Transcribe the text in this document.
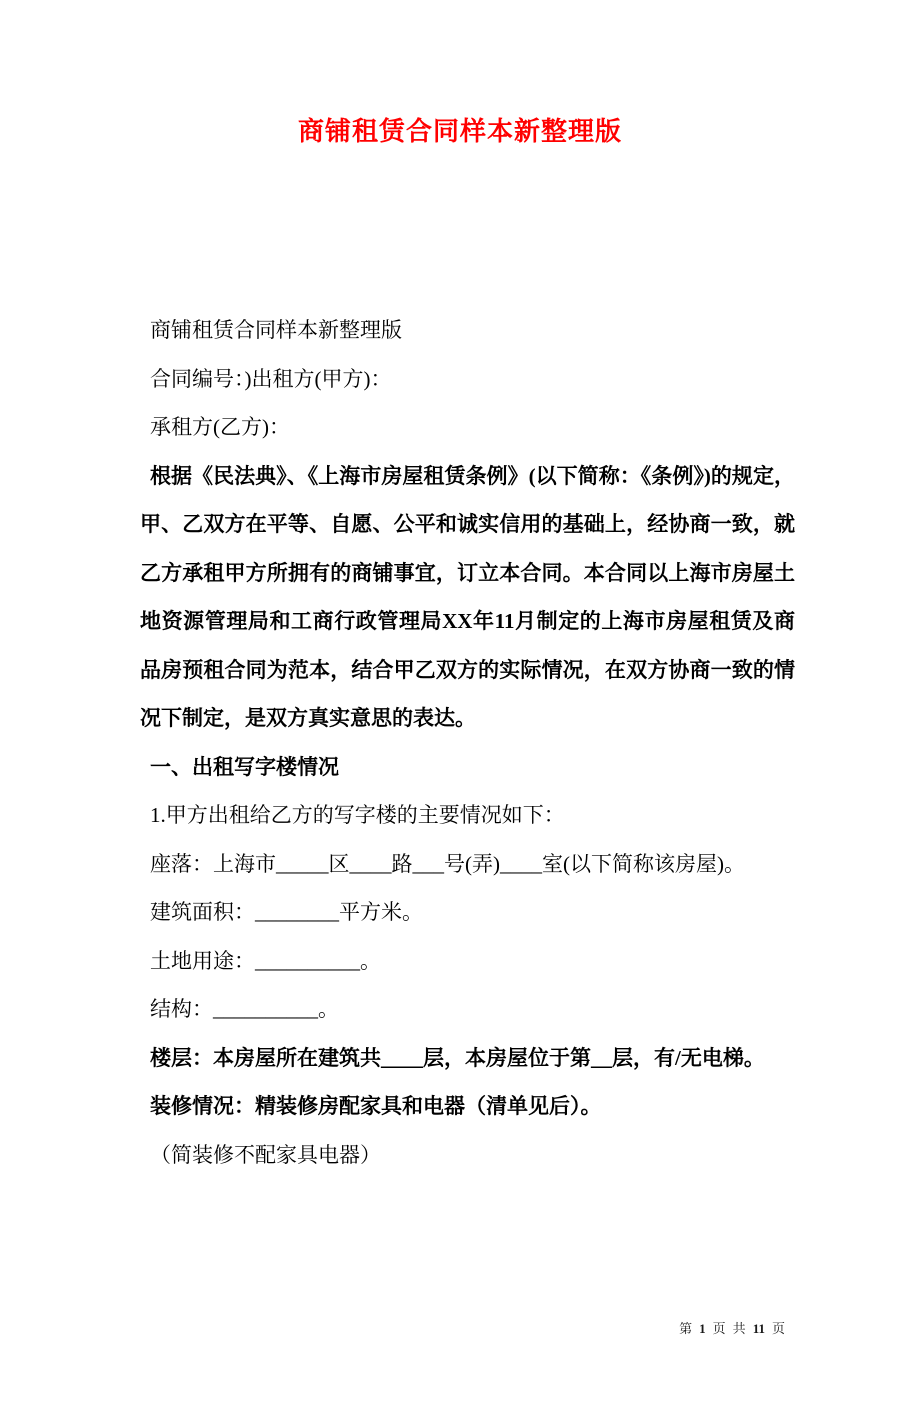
商铺租赁合同样本新整理版

商铺租赁合同样本新整理版

合同编号：)出租方(甲方)：

承租方(乙方)：

根据《民法典》、《上海市房屋租赁条例》(以下简称：《条例》)的规定，甲、乙双方在平等、自愿、公平和诚实信用的基础上，经协商一致，就乙方承租甲方所拥有的商铺事宜，订立本合同。本合同以上海市房屋土地资源管理局和工商行政管理局XX年11月制定的上海市房屋租赁及商品房预租合同为范本，结合甲乙双方的实际情况，在双方协商一致的情况下制定，是双方真实意思的表达。

一、出租写字楼情况

1.甲方出租给乙方的写字楼的主要情况如下：

座落：上海市_____区____路___号(弄)____室(以下简称该房屋)。

建筑面积：________平方米。

土地用途：__________。

结构：__________。

楼层：本房屋所在建筑共____层，本房屋位于第__层，有/无电梯。

装修情况：精装修房配家具和电器（清单见后）。

（简装修不配家具电器）

第 1 页 共 11 页
